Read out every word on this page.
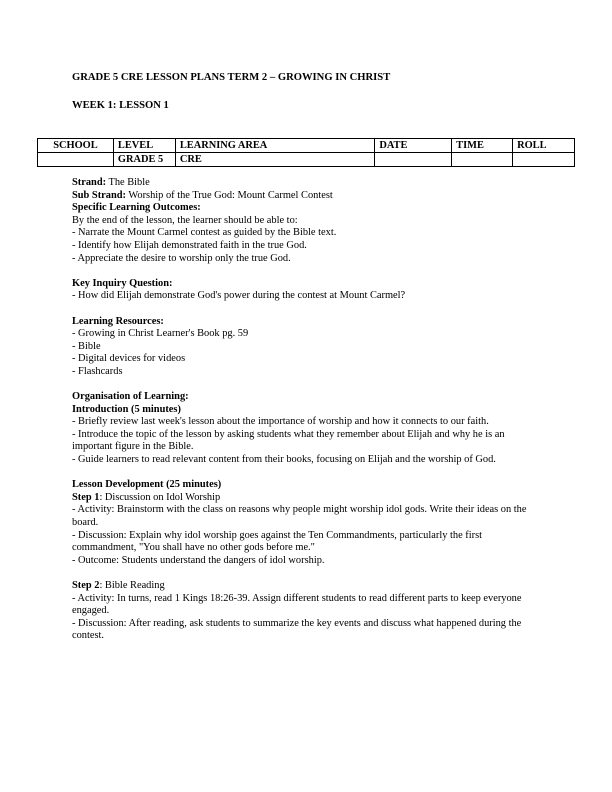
GRADE 5 CRE LESSON PLANS TERM 2 – GROWING IN CHRIST
WEEK 1: LESSON 1
SCHOOL	LEVEL	LEARNING AREA	DATE	TIME	ROLL
	GRADE 5	CRE			

Strand: The Bible

Sub Strand: Worship of the True God: Mount Carmel Contest

Specific Learning Outcomes:

By the end of the lesson, the learner should be able to:

- Narrate the Mount Carmel contest as guided by the Bible text.

- Identify how Elijah demonstrated faith in the true God.

- Appreciate the desire to worship only the true God.

Key Inquiry Question:

- How did Elijah demonstrate God's power during the contest at Mount Carmel?

Learning Resources:

- Growing in Christ Learner's Book pg. 59

- Bible

- Digital devices for videos

- Flashcards

Organisation of Learning:

Introduction (5 minutes)

- Briefly review last week's lesson about the importance of worship and how it connects to our faith.

- Introduce the topic of the lesson by asking students what they remember about Elijah and why he is an important figure in the Bible.

- Guide learners to read relevant content from their books, focusing on Elijah and the worship of God.

Lesson Development (25 minutes)

Step 1: Discussion on Idol Worship

- Activity: Brainstorm with the class on reasons why people might worship idol gods. Write their ideas on the board.

- Discussion: Explain why idol worship goes against the Ten Commandments, particularly the first commandment, "You shall have no other gods before me."

- Outcome: Students understand the dangers of idol worship.

Step 2: Bible Reading

- Activity: In turns, read 1 Kings 18:26-39. Assign different students to read different parts to keep everyone engaged.

- Discussion: After reading, ask students to summarize the key events and discuss what happened during the contest.
